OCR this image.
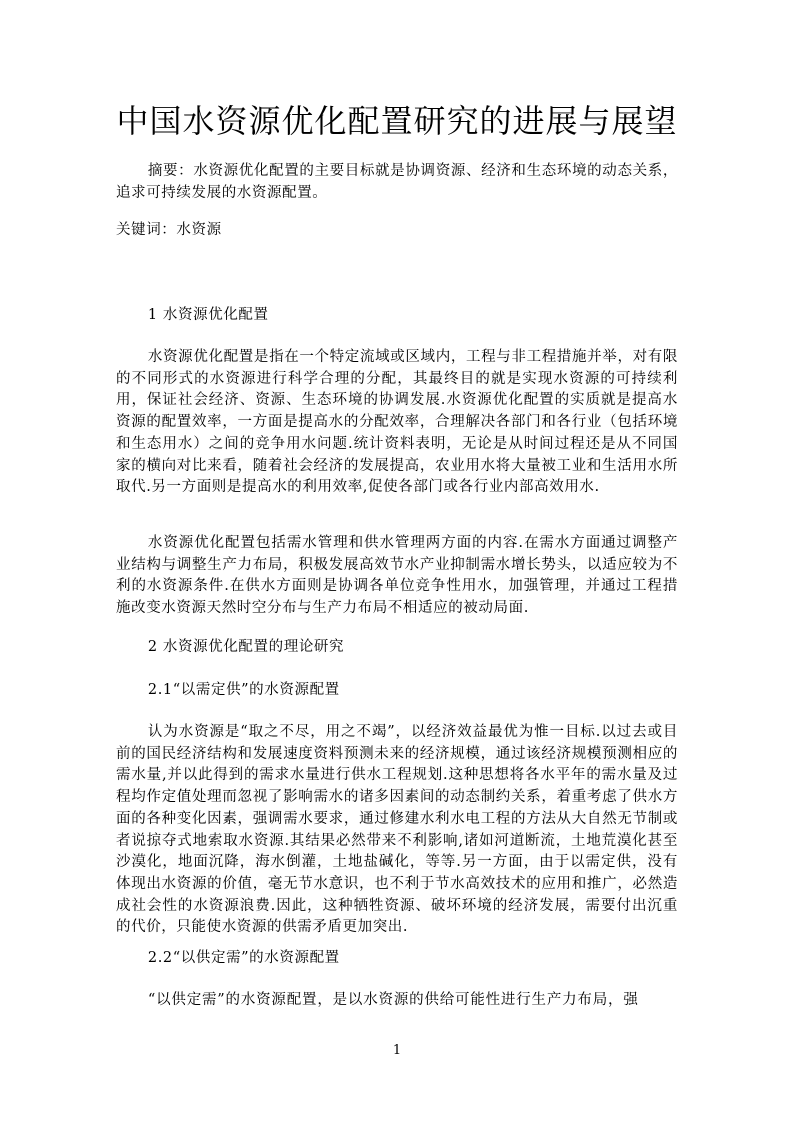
中国水资源优化配置研究的进展与展望

摘要：水资源优化配置的主要目标就是协调资源、经济和生态环境的动态关系，追求可持续发展的水资源配置。

关键词：水资源

1 水资源优化配置

水资源优化配置是指在一个特定流域或区域内，工程与非工程措施并举，对有限的不同形式的水资源进行科学合理的分配，其最终目的就是实现水资源的可持续利用，保证社会经济、资源、生态环境的协调发展.水资源优化配置的实质就是提高水资源的配置效率，一方面是提高水的分配效率，合理解决各部门和各行业（包括环境和生态用水）之间的竞争用水问题.统计资料表明，无论是从时间过程还是从不同国家的横向对比来看，随着社会经济的发展提高，农业用水将大量被工业和生活用水所取代.另一方面则是提高水的利用效率,促使各部门或各行业内部高效用水.

水资源优化配置包括需水管理和供水管理两方面的内容.在需水方面通过调整产业结构与调整生产力布局，积极发展高效节水产业抑制需水增长势头，以适应较为不利的水资源条件.在供水方面则是协调各单位竞争性用水，加强管理，并通过工程措施改变水资源天然时空分布与生产力布局不相适应的被动局面.

2 水资源优化配置的理论研究

2.1“以需定供”的水资源配置

认为水资源是“取之不尽，用之不竭”，以经济效益最优为惟一目标.以过去或目前的国民经济结构和发展速度资料预测未来的经济规模，通过该经济规模预测相应的需水量,并以此得到的需求水量进行供水工程规划.这种思想将各水平年的需水量及过程均作定值处理而忽视了影响需水的诸多因素间的动态制约关系，着重考虑了供水方面的各种变化因素，强调需水要求，通过修建水利水电工程的方法从大自然无节制或者说掠夺式地索取水资源.其结果必然带来不利影响,诸如河道断流，土地荒漠化甚至沙漠化，地面沉降，海水倒灌，土地盐碱化，等等.另一方面，由于以需定供，没有体现出水资源的价值，毫无节水意识，也不利于节水高效技术的应用和推广，必然造成社会性的水资源浪费.因此，这种牺牲资源、破坏环境的经济发展，需要付出沉重的代价，只能使水资源的供需矛盾更加突出.

2.2“以供定需”的水资源配置

“以供定需”的水资源配置，是以水资源的供给可能性进行生产力布局，强

1
